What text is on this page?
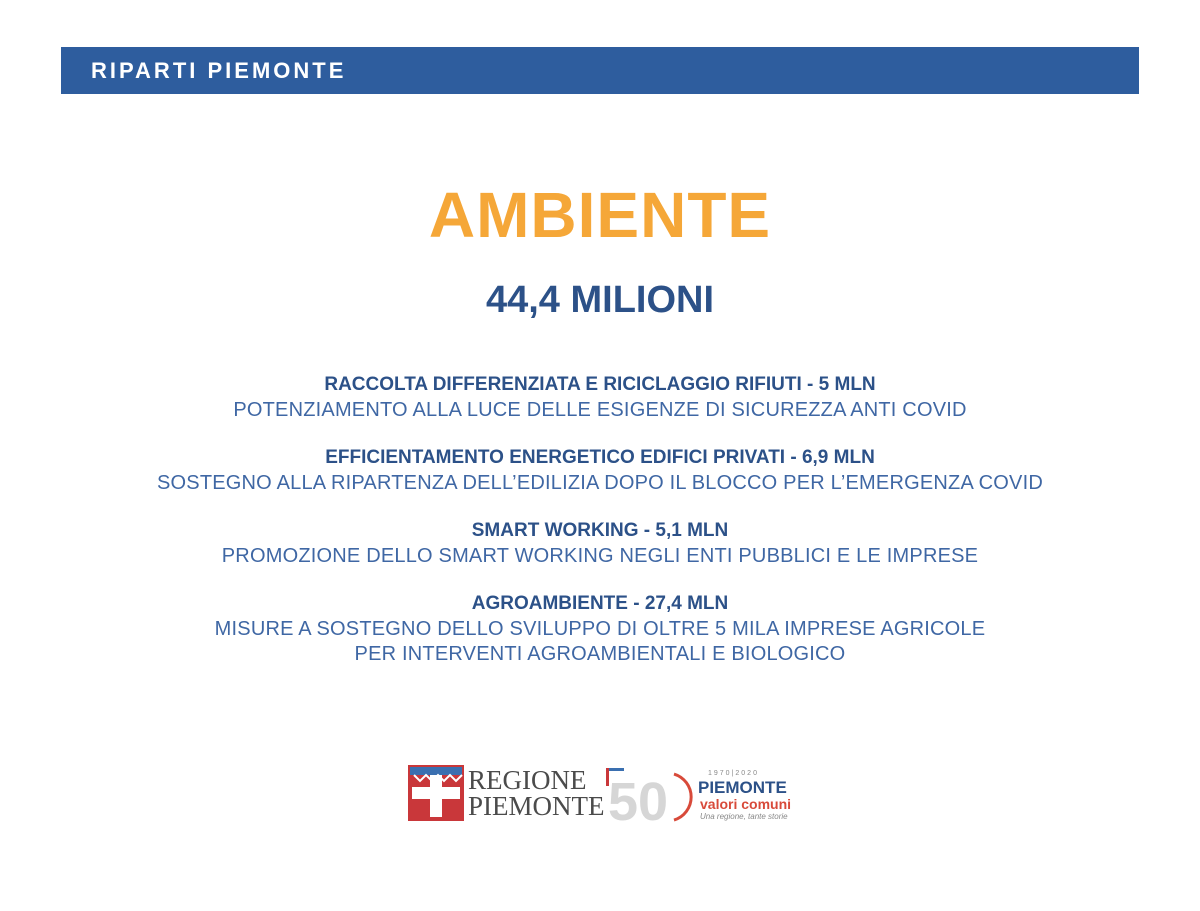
RIPARTI PIEMONTE
AMBIENTE
44,4 MILIONI
RACCOLTA DIFFERENZIATA E RICICLAGGIO RIFIUTI - 5 MLN
POTENZIAMENTO ALLA LUCE DELLE ESIGENZE DI SICUREZZA ANTI COVID
EFFICIENTAMENTO ENERGETICO EDIFICI PRIVATI - 6,9 MLN
SOSTEGNO ALLA RIPARTENZA DELL’EDILIZIA DOPO IL BLOCCO PER L’EMERGENZA COVID
SMART WORKING - 5,1 MLN
PROMOZIONE DELLO SMART WORKING NEGLI ENTI PUBBLICI E LE IMPRESE
AGROAMBIENTE - 27,4 MLN
MISURE A SOSTEGNO DELLO SVILUPPO DI OLTRE 5 MILA IMPRESE AGRICOLE
PER INTERVENTI AGROAMBIENTALI E BIOLOGICO
REGIONE
PIEMONTE 50	1970|2020
PIEMONTE
valori comuni
Una regione, tante storie
